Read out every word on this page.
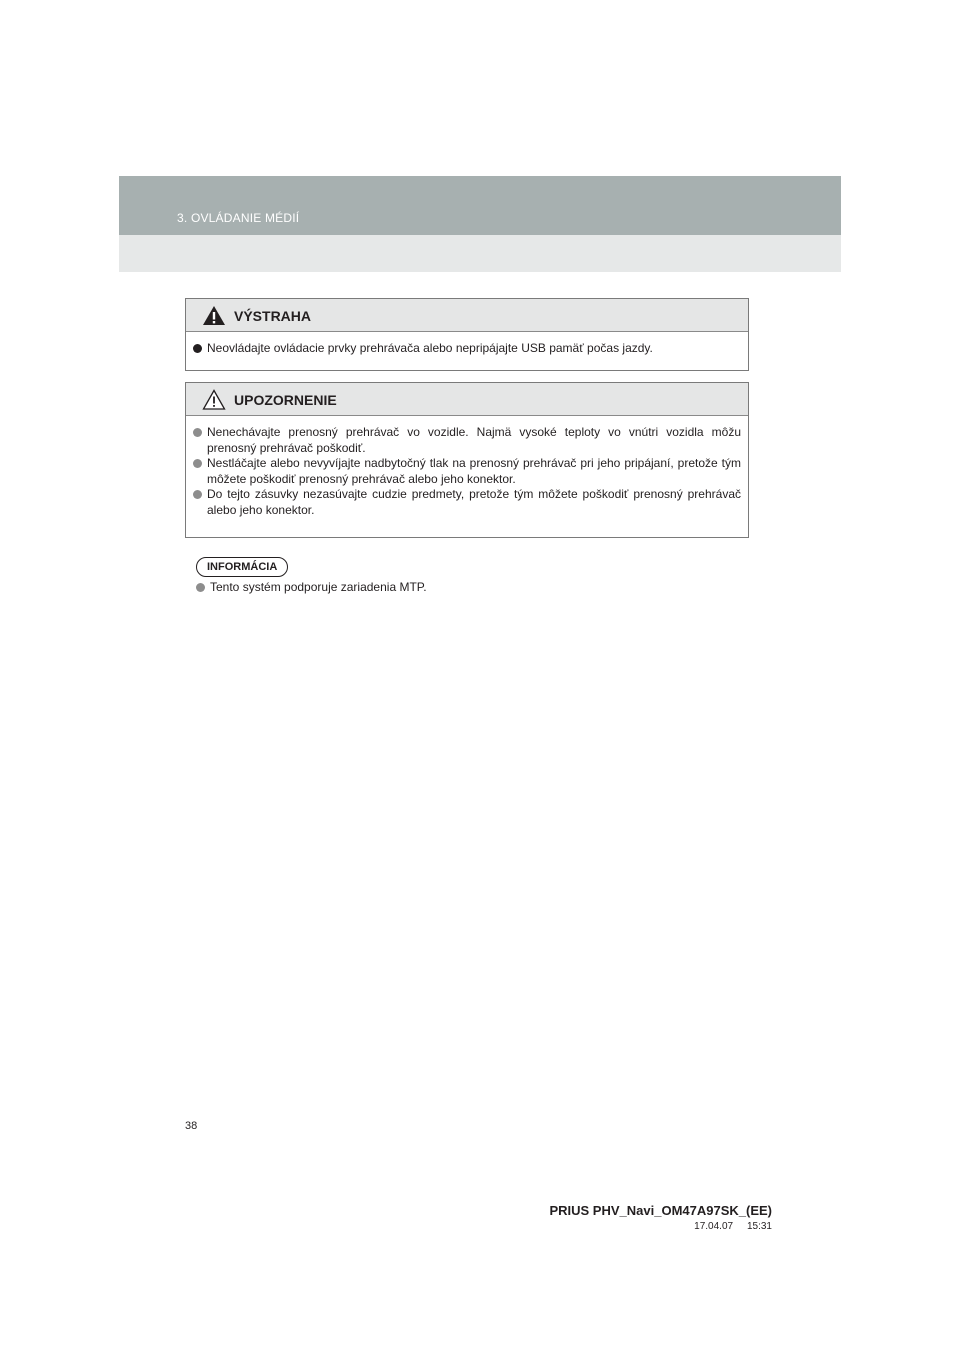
3. OVLÁDANIE MÉDIÍ
VÝSTRAHA
Neovládajte ovládacie prvky prehrávača alebo nepripájajte USB pamäť počas jazdy.
UPOZORNENIE
Nenechávajte prenosný prehrávač vo vozidle. Najmä vysoké teploty vo vnútri vozidla môžu prenosný prehrávač poškodiť.
Nestláčajte alebo nevyvíjajte nadbytočný tlak na prenosný prehrávač pri jeho pripájaní, pretože tým môžete poškodiť prenosný prehrávač alebo jeho konektor.
Do tejto zásuvky nezasúvajte cudzie predmety, pretože tým môžete poškodiť prenosný prehrávač alebo jeho konektor.
INFORMÁCIA
Tento systém podporuje zariadenia MTP.
38
PRIUS PHV_Navi_OM47A97SK_(EE)
17.04.07     15:31
